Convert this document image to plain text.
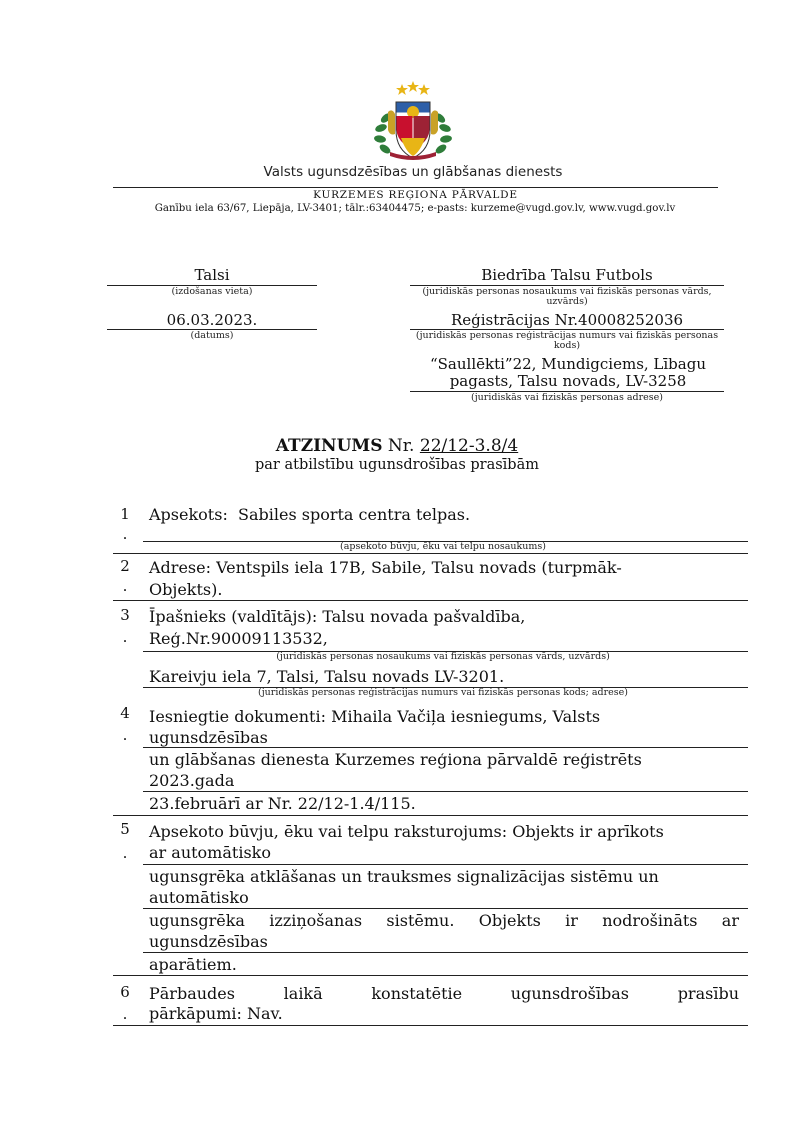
Valsts ugunsdzēsības un glābšanas dienests
KURZEMES REĢIONA PĀRVALDE
Ganību iela 63/67, Liepāja, LV-3401; tālr.:63404475; e-pasts: kurzeme@vugd.gov.lv, www.vugd.gov.lv
Talsi
(izdošanas vieta)
06.03.2023.
(datums)
Biedrība Talsu Futbols
(juridiskās personas nosaukums vai fiziskās personas vārds, uzvārds)
Reģistrācijas Nr.40008252036
(juridiskās personas reģistrācijas numurs vai fiziskās personas kods)
“Saullēkti”22, Mundigciems, Lībagu pagasts, Talsu novads, LV-3258
(juridiskās vai fiziskās personas adrese)
ATZINUMS Nr. 22/12-3.8/4
par atbilstību ugunsdrošības prasībām
1
.
Apsekots:  Sabiles sporta centra telpas.
(apsekoto būvju, ēku vai telpu nosaukums)
2
.
Adrese: Ventspils iela 17B, Sabile, Talsu novads (turpmāk-
Objekts).
3
.
Īpašnieks (valdītājs): Talsu novada pašvaldība,
Reģ.Nr.90009113532,
(juridiskās personas nosaukums vai fiziskās personas vārds, uzvārds)
Kareivju iela 7, Talsi, Talsu novads LV-3201.
(juridiskās personas reģistrācijas numurs vai fiziskās personas kods; adrese)
4
.
Iesniegtie dokumenti: Mihaila Vačiļa iesniegums, Valsts
ugunsdzēsības
un glābšanas dienesta Kurzemes reģiona pārvaldē reģistrēts
2023.gada
23.februārī ar Nr. 22/12-1.4/115.
5
.
Apsekoto būvju, ēku vai telpu raksturojums: Objekts ir aprīkots
ar automātisko
ugunsgrēka atklāšanas un trauksmes signalizācijas sistēmu un
automātisko
ugunsgrēka izziņošanas sistēmu. Objekts ir nodrošināts ar
ugunsdzēsības
aparātiem.
6
.
Pārbaudes laikā konstatētie ugunsdrošības prasību
pārkāpumi: Nav.
